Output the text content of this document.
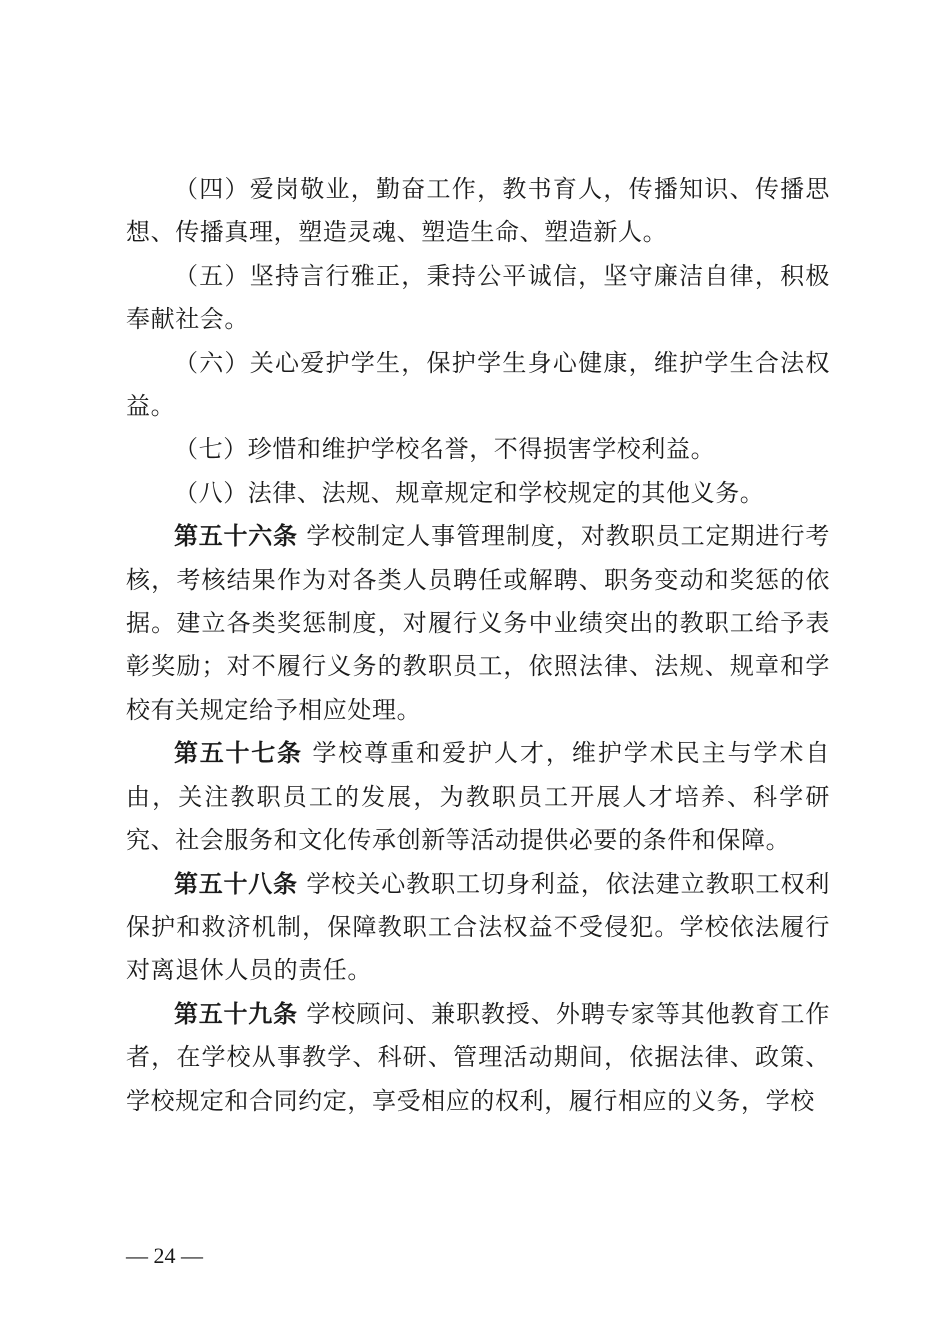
（四）爱岗敬业，勤奋工作，教书育人，传播知识、传播思想、传播真理，塑造灵魂、塑造生命、塑造新人。

（五）坚持言行雅正，秉持公平诚信，坚守廉洁自律，积极奉献社会。

（六）关心爱护学生，保护学生身心健康，维护学生合法权益。

（七）珍惜和维护学校名誉，不得损害学校利益。

（八）法律、法规、规章规定和学校规定的其他义务。

第五十六条 学校制定人事管理制度，对教职员工定期进行考核，考核结果作为对各类人员聘任或解聘、职务变动和奖惩的依据。建立各类奖惩制度，对履行义务中业绩突出的教职工给予表彰奖励；对不履行义务的教职员工，依照法律、法规、规章和学校有关规定给予相应处理。

第五十七条 学校尊重和爱护人才，维护学术民主与学术自由，关注教职员工的发展，为教职员工开展人才培养、科学研究、社会服务和文化传承创新等活动提供必要的条件和保障。

第五十八条 学校关心教职工切身利益，依法建立教职工权利保护和救济机制，保障教职工合法权益不受侵犯。学校依法履行对离退休人员的责任。

第五十九条 学校顾问、兼职教授、外聘专家等其他教育工作者，在学校从事教学、科研、管理活动期间，依据法律、政策、学校规定和合同约定，享受相应的权利，履行相应的义务，学校

— 24 —
